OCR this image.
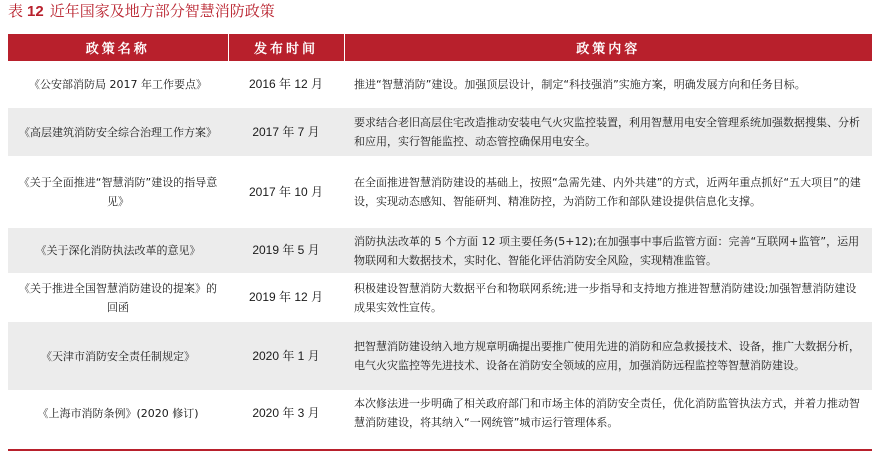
表 12 近年国家及地方部分智慧消防政策
政策名称	发布时间	政策内容
《公安部消防局 2017 年工作要点》	2016 年 12 月	推进“智慧消防”建设。加强顶层设计，制定“科技强消”实施方案，明确发展方向和任务目标。
《高层建筑消防安全综合治理工作方案》	2017 年 7 月	要求结合老旧高层住宅改造推动安装电气火灾监控装置，利用智慧用电安全管理系统加强数据搜集、分析和应用，实行智能监控、动态管控确保用电安全。
《关于全面推进“智慧消防”建设的指导意见》	2017 年 10 月	在全面推进智慧消防建设的基础上，按照“急需先建、内外共建”的方式，近两年重点抓好“五大项目”的建设，实现动态感知、智能研判、精准防控，为消防工作和部队建设提供信息化支撑。
《关于深化消防执法改革的意见》	2019 年 5 月	消防执法改革的 5 个方面 12 项主要任务(5+12);在加强事中事后监管方面：完善“互联网+监管”，运用物联网和大数据技术，实时化、智能化评估消防安全风险，实现精准监管。
《关于推进全国智慧消防建设的提案》的回函	2019 年 12 月	积极建设智慧消防大数据平台和物联网系统;进一步指导和支持地方推进智慧消防建设;加强智慧消防建设成果实效性宣传。
《天津市消防安全责任制规定》	2020 年 1 月	把智慧消防建设纳入地方规章明确提出要推广使用先进的消防和应急救援技术、设备，推广大数据分析，电气火灾监控等先进技术、设备在消防安全领域的应用，加强消防远程监控等智慧消防建设。
《上海市消防条例》(2020 修订)	2020 年 3 月	本次修法进一步明确了相关政府部门和市场主体的消防安全责任，优化消防监管执法方式，并着力推动智慧消防建设，将其纳入“一网统管”城市运行管理体系。
